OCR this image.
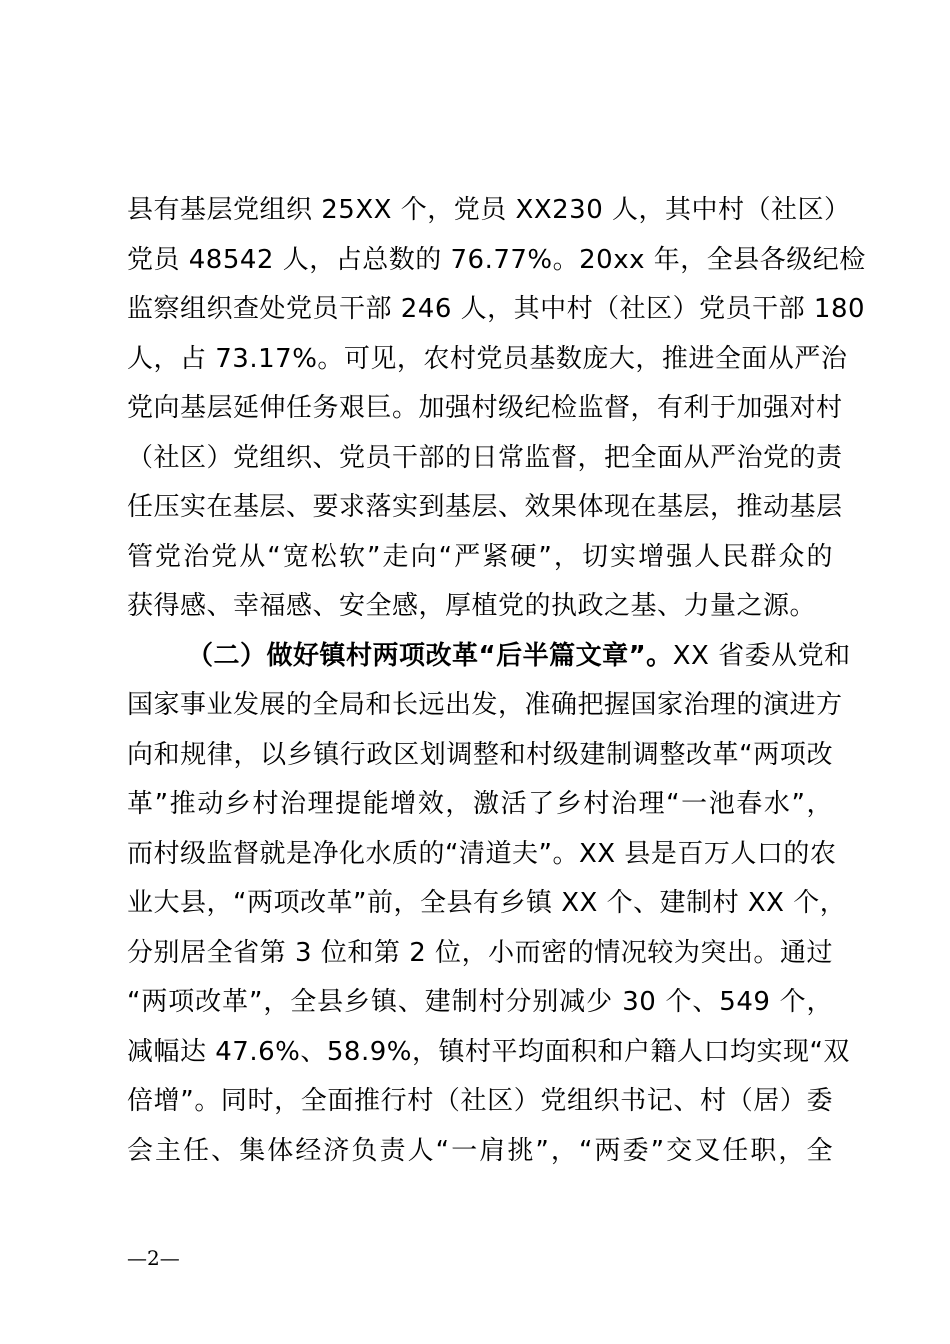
县有基层党组织 25XX 个，党员 XX230 人，其中村（社区）
党员 48542 人，占总数的 76.77%。20xx 年，全县各级纪检
监察组织查处党员干部 246 人，其中村（社区）党员干部 180
人，占 73.17%。可见，农村党员基数庞大，推进全面从严治
党向基层延伸任务艰巨。加强村级纪检监督，有利于加强对村
（社区）党组织、党员干部的日常监督，把全面从严治党的责
任压实在基层、要求落实到基层、效果体现在基层，推动基层
管党治党从“宽松软”走向“严紧硬”，切实增强人民群众的
获得感、幸福感、安全感，厚植党的执政之基、力量之源。
（二）做好镇村两项改革“后半篇文章”。XX 省委从党和
国家事业发展的全局和长远出发，准确把握国家治理的演进方
向和规律，以乡镇行政区划调整和村级建制调整改革“两项改
革”推动乡村治理提能增效，激活了乡村治理“一池春水”，
而村级监督就是净化水质的“清道夫”。XX 县是百万人口的农
业大县，“两项改革”前，全县有乡镇 XX 个、建制村 XX 个，
分别居全省第 3 位和第 2 位，小而密的情况较为突出。通过
“两项改革”，全县乡镇、建制村分别减少 30 个、549 个，
减幅达 47.6%、58.9%，镇村平均面积和户籍人口均实现“双
倍增”。同时，全面推行村（社区）党组织书记、村（居）委
会主任、集体经济负责人“一肩挑”，“两委”交叉任职，全
—2—
